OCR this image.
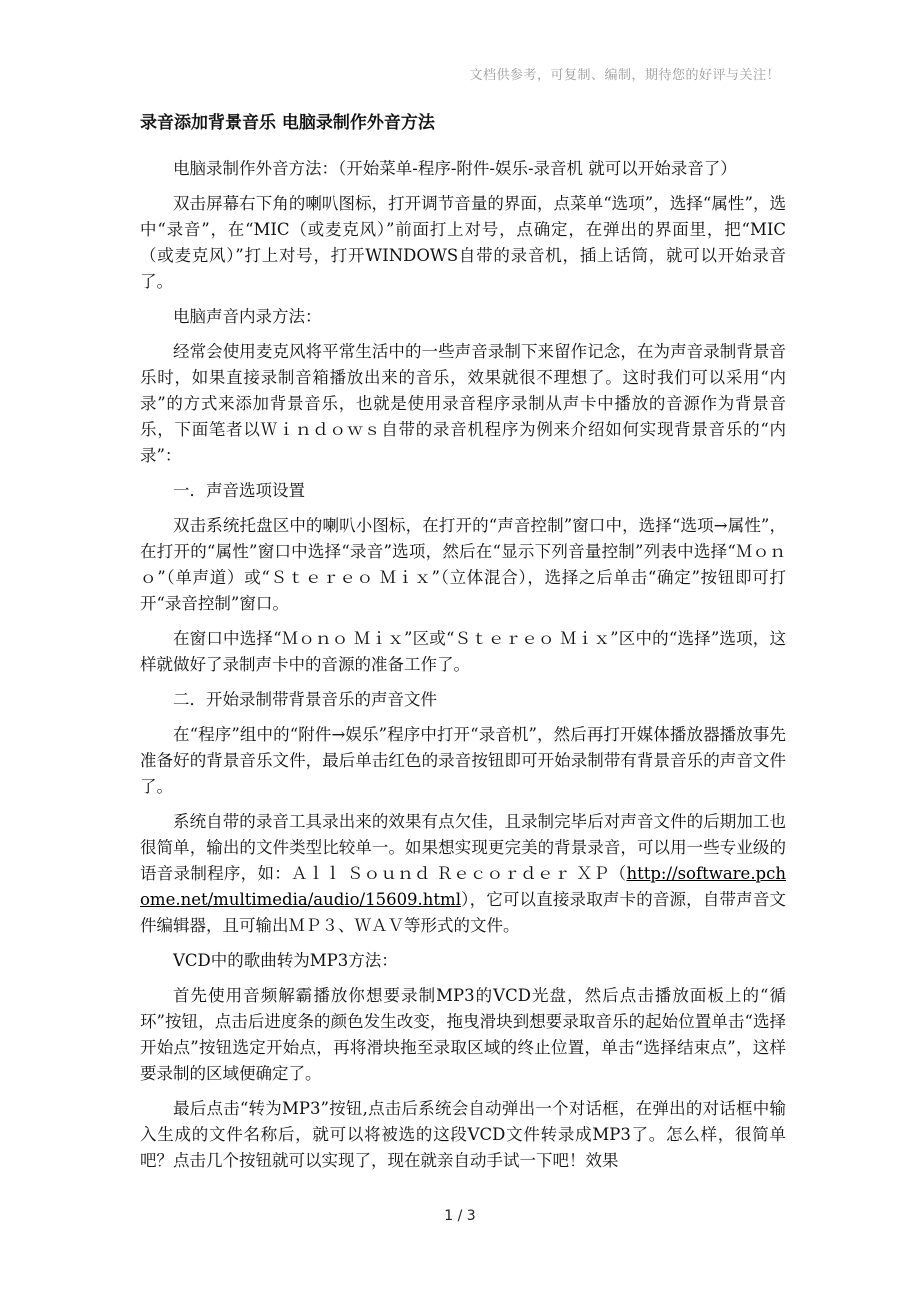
文档供参考，可复制、编制，期待您的好评与关注！
录音添加背景音乐 电脑录制作外音方法

电脑录制作外音方法：（开始菜单-程序-附件-娱乐-录音机 就可以开始录音了）

双击屏幕右下角的喇叭图标，打开调节音量的界面，点菜单“选项”，选择“属性”，选中“录音”，在“MIC（或麦克风）”前面打上对号，点确定，在弹出的界面里，把“MIC（或麦克风）”打上对号，打开WINDOWS自带的录音机，插上话筒，就可以开始录音了。

电脑声音内录方法：

经常会使用麦克风将平常生活中的一些声音录制下来留作记念，在为声音录制背景音乐时，如果直接录制音箱播放出来的音乐，效果就很不理想了。这时我们可以采用“内录”的方式来添加背景音乐，也就是使用录音程序录制从声卡中播放的音源作为背景音乐，下面笔者以Ｗｉｎｄｏｗｓ自带的录音机程序为例来介绍如何实现背景音乐的“内录”：

一．声音选项设置

双击系统托盘区中的喇叭小图标，在打开的“声音控制”窗口中，选择“选项→属性”，在打开的“属性”窗口中选择“录音”选项，然后在“显示下列音量控制”列表中选择“Ｍｏｎｏ”（单声道）或“Ｓｔｅｒｅｏ Ｍｉｘ”（立体混合），选择之后单击“确定”按钮即可打开“录音控制”窗口。

在窗口中选择“Ｍｏｎｏ Ｍｉｘ”区或“Ｓｔｅｒｅｏ Ｍｉｘ”区中的“选择”选项，这样就做好了录制声卡中的音源的准备工作了。

二．开始录制带背景音乐的声音文件

在“程序”组中的“附件→娱乐”程序中打开“录音机”，然后再打开媒体播放器播放事先准备好的背景音乐文件，最后单击红色的录音按钮即可开始录制带有背景音乐的声音文件了。

系统自带的录音工具录出来的效果有点欠佳，且录制完毕后对声音文件的后期加工也很简单，输出的文件类型比较单一。如果想实现更完美的背景录音，可以用一些专业级的语音录制程序，如：Ａｌｌ Ｓｏｕｎｄ Ｒｅｃｏｒｄｅｒ ＸＰ（http://software.pchome.net/multimedia/audio/15609.html），它可以直接录取声卡的音源，自带声音文件编辑器，且可输出ＭＰ３、ＷＡＶ等形式的文件。

VCD中的歌曲转为MP3方法：

首先使用音频解霸播放你想要录制MP3的VCD光盘，然后点击播放面板上的“循环”按钮，点击后进度条的颜色发生改变，拖曳滑块到想要录取音乐的起始位置单击“选择开始点”按钮选定开始点，再将滑块拖至录取区域的终止位置，单击“选择结束点”，这样要录制的区域便确定了。

最后点击“转为MP3”按钮,点击后系统会自动弹出一个对话框，在弹出的对话框中输入生成的文件名称后，就可以将被选的这段VCD文件转录成MP3了。怎么样，很简单吧？点击几个按钮就可以实现了，现在就亲自动手试一下吧！效果

1 / 3
